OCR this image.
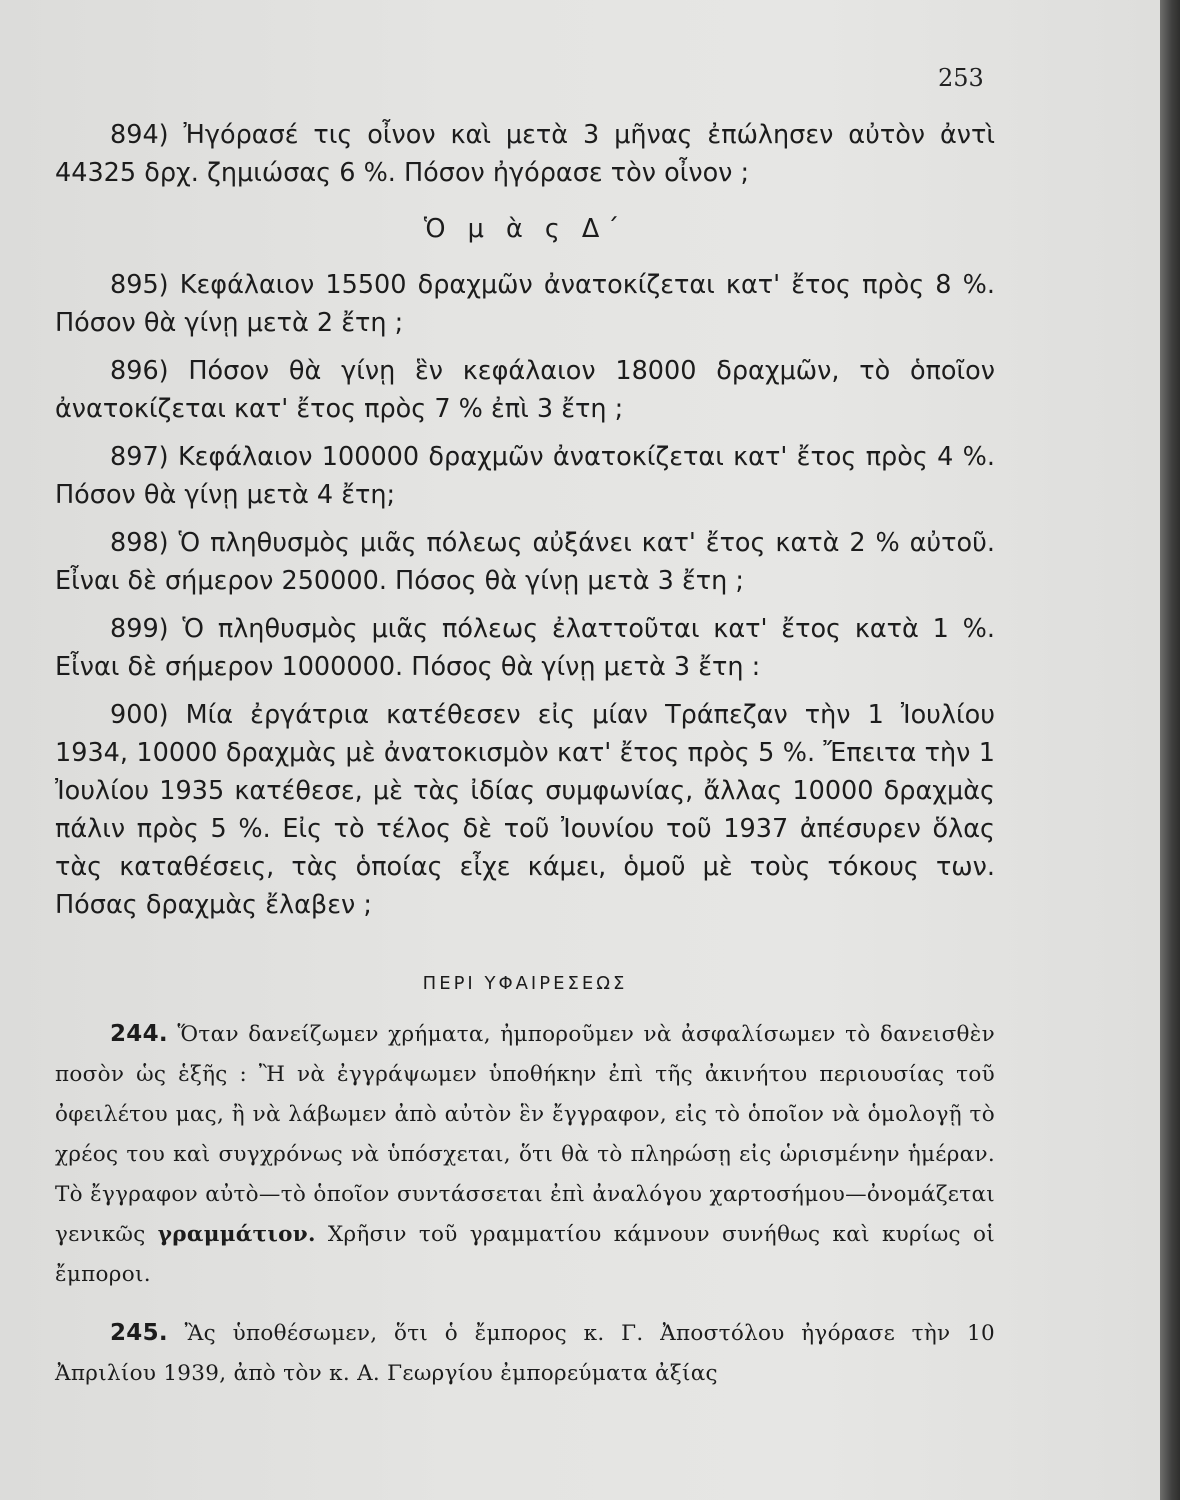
253

894) Ἠγόρασέ τις οἶνον καὶ μετὰ 3 μῆνας ἐπώλησεν αὐτὸν ἀντὶ 44325 δρχ. ζημιώσας 6 %. Πόσον ἠγόρασε τὸν οἶνον ;

Ὁ μ ὰ ς Δ΄

895) Κεφάλαιον 15500 δραχμῶν ἀνατοκίζεται κατ' ἔτος πρὸς 8 %. Πόσον θὰ γίνῃ μετὰ 2 ἔτη ;

896) Πόσον θὰ γίνῃ ἓν κεφάλαιον 18000 δραχμῶν, τὸ ὁποῖον ἀνατοκίζεται κατ' ἔτος πρὸς 7 % ἐπὶ 3 ἔτη ;

897) Κεφάλαιον 100000 δραχμῶν ἀνατοκίζεται κατ' ἔτος πρὸς 4 %. Πόσον θὰ γίνῃ μετὰ 4 ἔτη;

898) Ὁ πληθυσμὸς μιᾶς πόλεως αὐξάνει κατ' ἔτος κατὰ 2 % αὐτοῦ. Εἶναι δὲ σήμερον 250000. Πόσος θὰ γίνῃ μετὰ 3 ἔτη ;

899) Ὁ πληθυσμὸς μιᾶς πόλεως ἐλαττοῦται κατ' ἔτος κατὰ 1 %. Εἶναι δὲ σήμερον 1000000. Πόσος θὰ γίνῃ μετὰ 3 ἔτη :

900) Μία ἐργάτρια κατέθεσεν εἰς μίαν Τράπεζαν τὴν 1 Ἰουλίου 1934, 10000 δραχμὰς μὲ ἀνατοκισμὸν κατ' ἔτος πρὸς 5 %. Ἔπειτα τὴν 1 Ἰουλίου 1935 κατέθεσε, μὲ τὰς ἰδίας συμφωνίας, ἄλλας 10000 δραχμὰς πάλιν πρὸς 5 %. Εἰς τὸ τέλος δὲ τοῦ Ἰουνίου τοῦ 1937 ἀπέσυρεν ὅλας τὰς καταθέσεις, τὰς ὁποίας εἶχε κάμει, ὁμοῦ μὲ τοὺς τόκους των. Πόσας δραχμὰς ἔλαβεν ;

ΠΕΡΙ ΥΦΑΙΡΕΣΕΩΣ

244. Ὅταν δανείζωμεν χρήματα, ἠμποροῦμεν νὰ ἀσφαλίσωμεν τὸ δανεισθὲν ποσὸν ὡς ἑξῆς : Ἢ νὰ ἐγγράψωμεν ὑποθήκην ἐπὶ τῆς ἀκινήτου περιουσίας τοῦ ὀφειλέτου μας, ἢ νὰ λάβωμεν ἀπὸ αὐτὸν ἓν ἔγγραφον, εἰς τὸ ὁποῖον νὰ ὁμολογῇ τὸ χρέος του καὶ συγχρόνως νὰ ὑπόσχεται, ὅτι θὰ τὸ πληρώσῃ εἰς ὡρισμένην ἡμέραν. Τὸ ἔγγραφον αὐτὸ—τὸ ὁποῖον συντάσσεται ἐπὶ ἀναλόγου χαρτοσήμου—ὀνομάζεται γενικῶς γραμμάτιον. Χρῆσιν τοῦ γραμματίου κάμνουν συνήθως καὶ κυρίως οἱ ἔμποροι.

245. Ἂς ὑποθέσωμεν, ὅτι ὁ ἔμπορος κ. Γ. Ἀποστόλου ἠγόρασε τὴν 10 Ἀπριλίου 1939, ἀπὸ τὸν κ. Α. Γεωργίου ἐμπορεύματα ἀξίας
